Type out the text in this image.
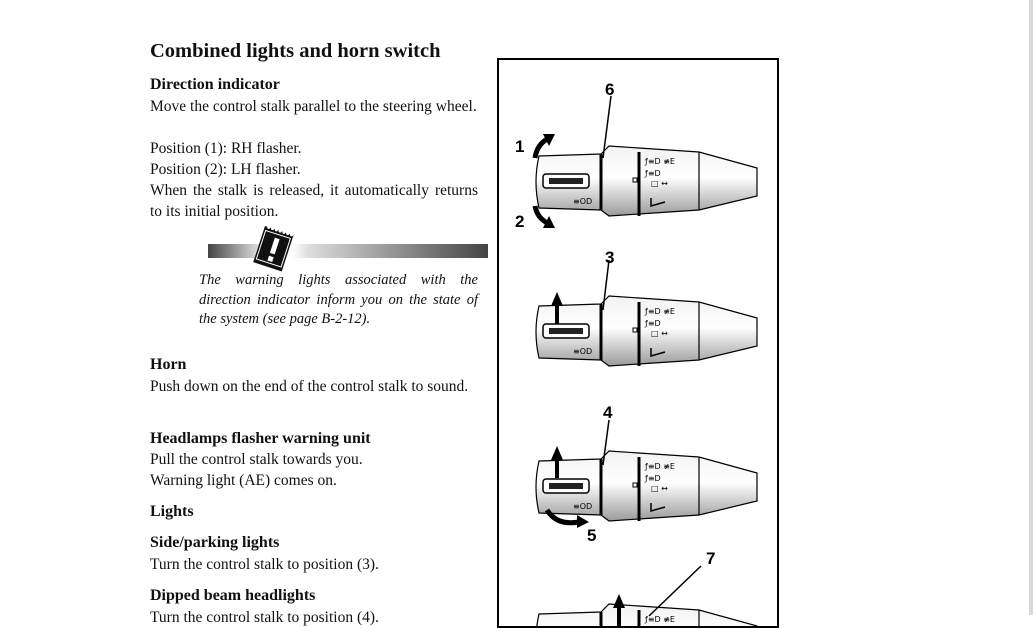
Combined lights and horn switch
Direction indicator

Move the control stalk parallel to the steering wheel.

Position (1): RH flasher.

Position (2): LH flasher.

When the stalk is released, it automatically returns to its initial position.

The warning lights associated with the direction indicator inform you on the state of the system (see page B-2-12).

Horn

Push down on the end of the control stalk to sound.

Headlamps flasher warning unit

Pull the control stalk towards you.

Warning light (AE) comes on.

Lights
Side/parking lights

Turn the control stalk to position (3).

Dipped beam headlights

Turn the control stalk to position (4).

6
1
2
3
4
5
7
